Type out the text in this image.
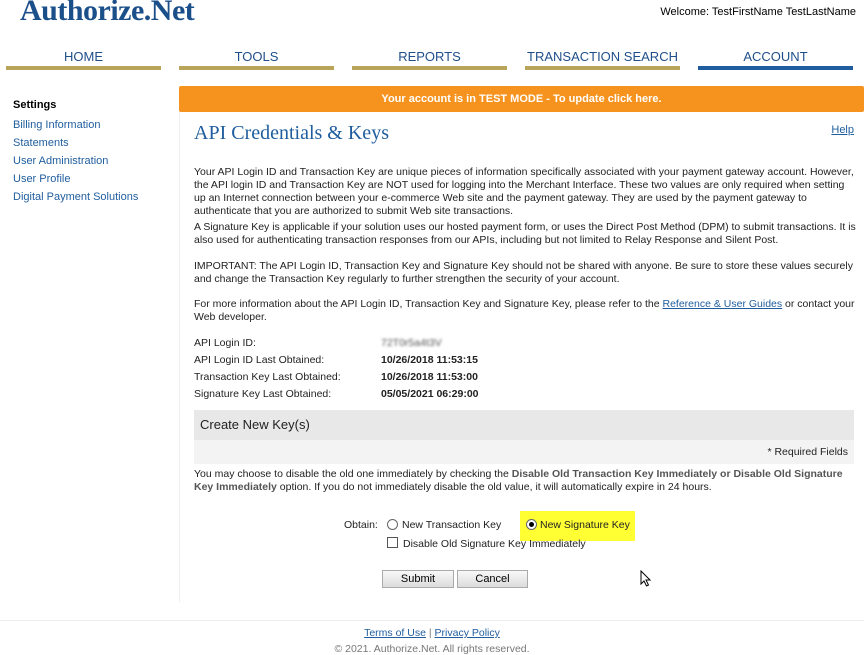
Authorize.Net	Welcome: TestFirstName TestLastName
HOME	TOOLS	REPORTS	TRANSACTION SEARCH	ACCOUNT
Settings
Billing Information
Statements
User Administration
User Profile
Digital Payment Solutions
Your account is in TEST MODE - To update click here.
API Credentials & Keys	Help
Your API Login ID and Transaction Key are unique pieces of information specifically associated with your payment gateway account. However, the API login ID and Transaction Key are NOT used for logging into the Merchant Interface. These two values are only required when setting up an Internet connection between your e-commerce Web site and the payment gateway. They are used by the payment gateway to authenticate that you are authorized to submit Web site transactions.
A Signature Key is applicable if your solution uses our hosted payment form, or uses the Direct Post Method (DPM) to submit transactions. It is also used for authenticating transaction responses from our APIs, including but not limited to Relay Response and Silent Post.
IMPORTANT: The API Login ID, Transaction Key and Signature Key should not be shared with anyone. Be sure to store these values securely and change the Transaction Key regularly to further strengthen the security of your account.
For more information about the API Login ID, Transaction Key and Signature Key, please refer to the Reference & User Guides or contact your Web developer.
API Login ID:	72T0r5a4t3V
API Login ID Last Obtained:	10/26/2018 11:53:15
Transaction Key Last Obtained:	10/26/2018 11:53:00
Signature Key Last Obtained:	05/05/2021 06:29:00
Create New Key(s)
* Required Fields
You may choose to disable the old one immediately by checking the Disable Old Transaction Key Immediately or Disable Old Signature Key Immediately option. If you do not immediately disable the old value, it will automatically expire in 24 hours.
Obtain: New Transaction Key	New Signature Key
Disable Old Signature Key Immediately
Submit	Cancel
Terms of Use | Privacy Policy
© 2021. Authorize.Net. All rights reserved.
